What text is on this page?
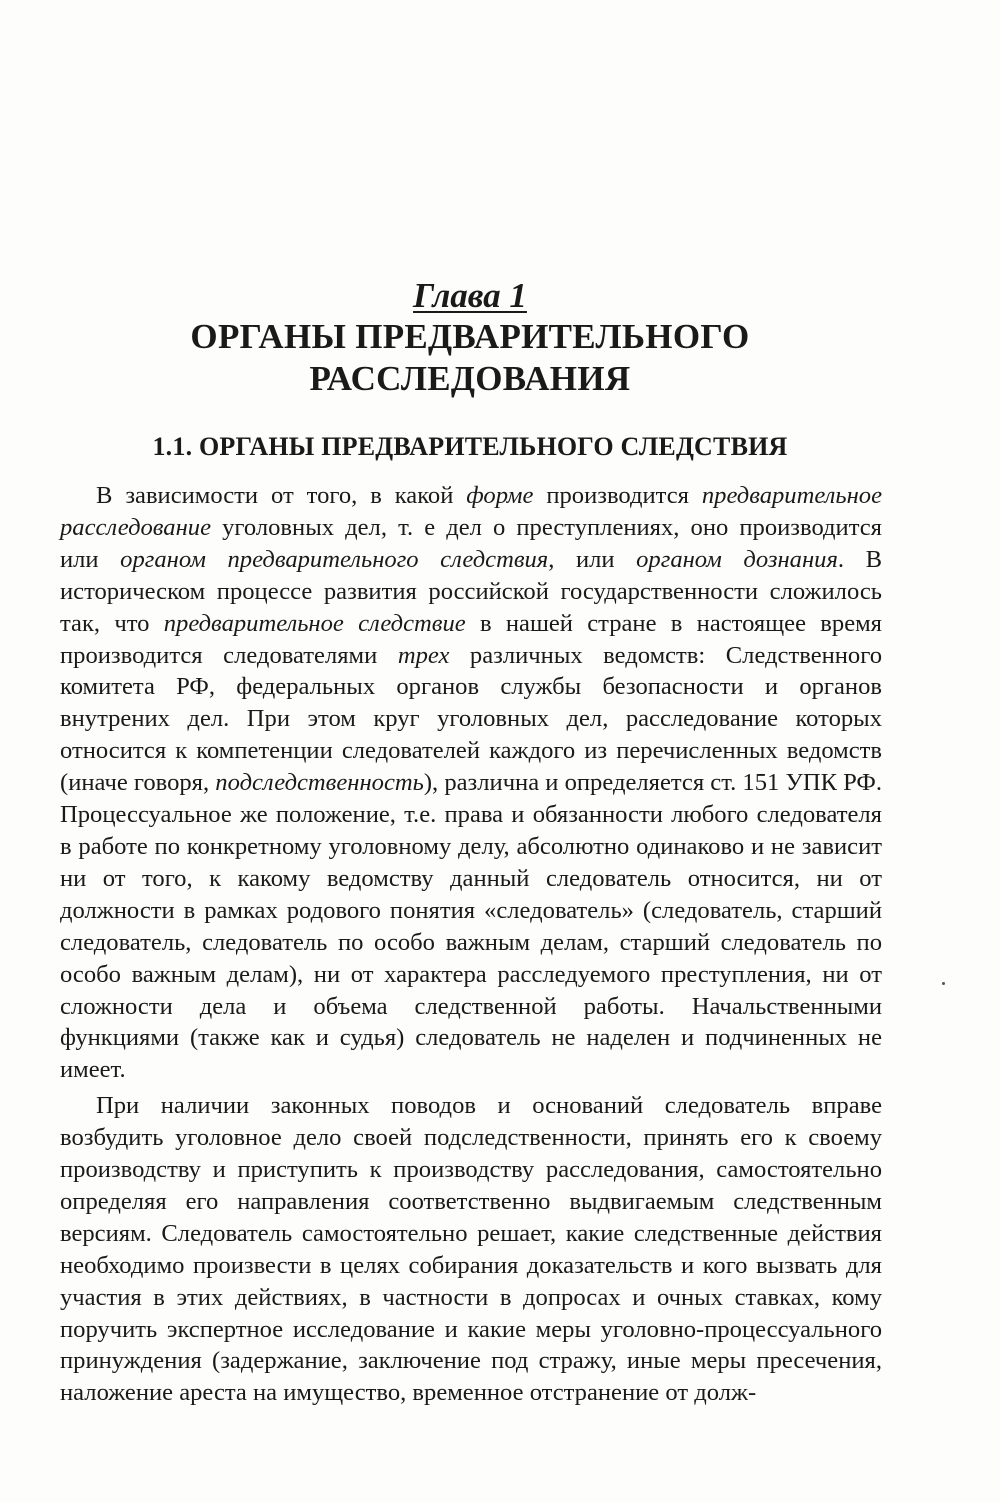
Глава 1
ОРГАНЫ ПРЕДВАРИТЕЛЬНОГО РАССЛЕДОВАНИЯ
1.1. ОРГАНЫ ПРЕДВАРИТЕЛЬНОГО СЛЕДСТВИЯ

В зависимости от того, в какой форме производится предварительное расследование уголовных дел, т. е дел о преступлениях, оно производится или органом предварительного следствия, или органом дознания. В историческом процессе развития российской государственности сложилось так, что предварительное следствие в нашей стране в настоящее время производится следователями трех различных ведомств: Следственного комитета РФ, федеральных органов службы безопасности и органов внутрених дел. При этом круг уголовных дел, расследование которых относится к компетенции следователей каждого из перечисленных ведомств (иначе говоря, подследственность), различна и определяется ст. 151 УПК РФ. Процессуальное же положение, т.е. права и обязанности любого следователя в работе по конкретному уголовному делу, абсолютно одинаково и не зависит ни от того, к какому ведомству данный следователь относится, ни от должности в рамках родового понятия «следователь» (следователь, старший следователь, следователь по особо важным делам, старший следователь по особо важным делам), ни от характера расследуемого преступления, ни от сложности дела и объема следственной работы. Начальственными функциями (также как и судья) следователь не наделен и подчиненных не имеет.

При наличии законных поводов и оснований следователь вправе возбудить уголовное дело своей подследственности, принять его к своему производству и приступить к производству расследования, самостоятельно определяя его направления соответственно выдвигаемым следственным версиям. Следователь самостоятельно решает, какие следственные действия необходимо произвести в целях собирания доказательств и кого вызвать для участия в этих действиях, в частности в допросах и очных ставках, кому поручить экспертное исследование и какие меры уголовно-процессуального принуждения (задержание, заключение под стражу, иные меры пресечения, наложение ареста на имущество, временное отстранение от долж-
